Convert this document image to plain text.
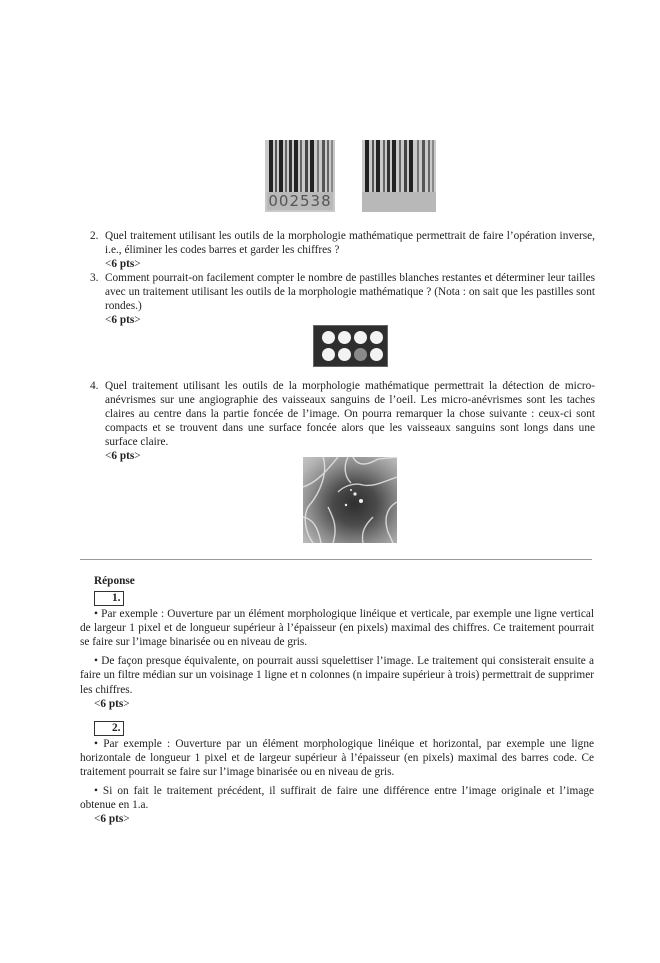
002538
2. Quel traitement utilisant les outils de la morphologie mathématique permettrait de faire l’opération inverse, i.e., éliminer les codes barres et garder les chiffres ?
<6 pts>
3. Comment pourrait-on facilement compter le nombre de pastilles blanches restantes et déterminer leur tailles avec un traitement utilisant les outils de la morphologie mathématique ? (Nota : on sait que les pastilles sont rondes.)
<6 pts>
4. Quel traitement utilisant les outils de la morphologie mathématique permettrait la détection de micro-anévrismes sur une angiographie des vaisseaux sanguins de l’oeil. Les micro-anévrismes sont les taches claires au centre dans la partie foncée de l’image. On pourra remarquer la chose suivante : ceux-ci sont compacts et se trouvent dans une surface foncée alors que les vaisseaux sanguins sont longs dans une surface claire.
<6 pts>

Réponse

1.

• Par exemple : Ouverture par un élément morphologique linéique et verticale, par exemple une ligne vertical de largeur 1 pixel et de longueur supérieur à l’épaisseur (en pixels) maximal des chiffres. Ce traitement pourrait se faire sur l’image binarisée ou en niveau de gris.

• De façon presque équivalente, on pourrait aussi squelettiser l’image. Le traitement qui consisterait ensuite a faire un filtre médian sur un voisinage 1 ligne et n colonnes (n impaire supérieur à trois) permettrait de supprimer les chiffres.

<6 pts>

2.

• Par exemple : Ouverture par un élément morphologique linéique et horizontal, par exemple une ligne horizontale de longueur 1 pixel et de largeur supérieur à l’épaisseur (en pixels) maximal des barres code. Ce traitement pourrait se faire sur l’image binarisée ou en niveau de gris.

• Si on fait le traitement précédent, il suffirait de faire une différence entre l’image originale et l’image obtenue en 1.a.

<6 pts>
